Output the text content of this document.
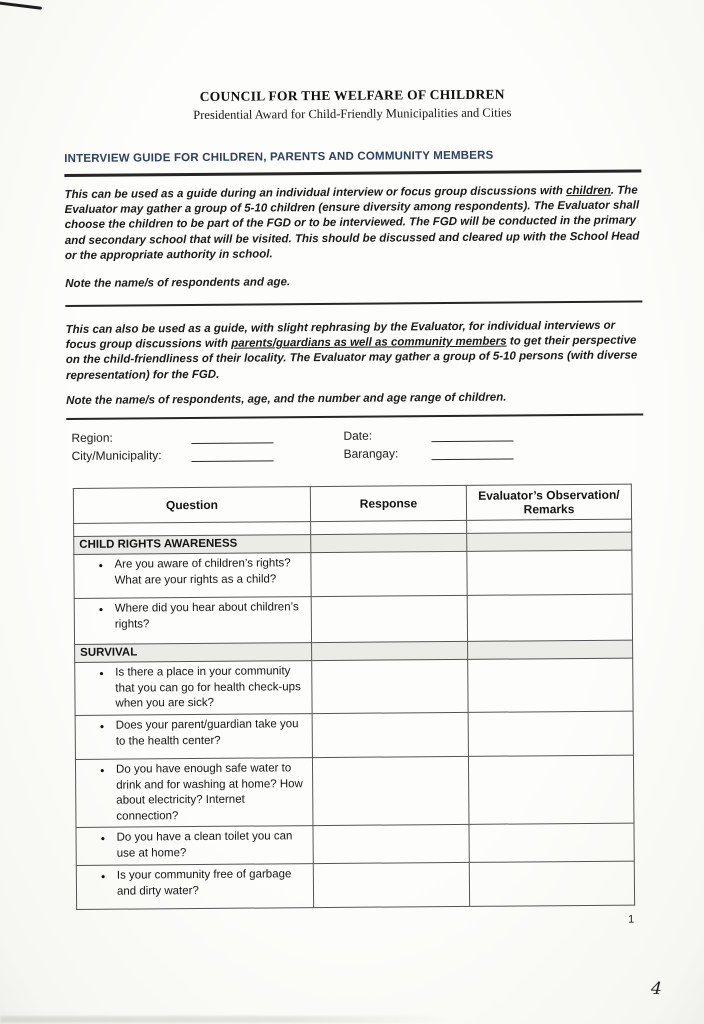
COUNCIL FOR THE WELFARE OF CHILDREN
Presidential Award for Child-Friendly Municipalities and Cities
INTERVIEW GUIDE FOR CHILDREN, PARENTS AND COMMUNITY MEMBERS
This can be used as a guide during an individual interview or focus group discussions with children. The Evaluator may gather a group of 5-10 children (ensure diversity among respondents). The Evaluator shall choose the children to be part of the FGD or to be interviewed. The FGD will be conducted in the primary and secondary school that will be visited. This should be discussed and cleared up with the School Head or the appropriate authority in school.
Note the name/s of respondents and age.
This can also be used as a guide, with slight rephrasing by the Evaluator, for individual interviews or focus group discussions with parents/guardians as well as community members to get their perspective on the child-friendliness of their locality. The Evaluator may gather a group of 5-10 persons (with diverse representation) for the FGD.
Note the name/s of respondents, age, and the number and age range of children.
Region:	Date:
City/Municipality:	Barangay:
Question	Response	Evaluator’s Observation/ Remarks

CHILD RIGHTS AWARENESS		

● Are you aware of children’s rights? What are your rights as a child?		

● Where did you hear about children’s rights?		

SURVIVAL		

● Is there a place in your community that you can go for health check-ups when you are sick?		

● Does your parent/guardian take you to the health center?		

● Do you have enough safe water to drink and for washing at home? How about electricity? Internet connection?		

● Do you have a clean toilet you can use at home?		

● Is your community free of garbage and dirty water?		

1
4
